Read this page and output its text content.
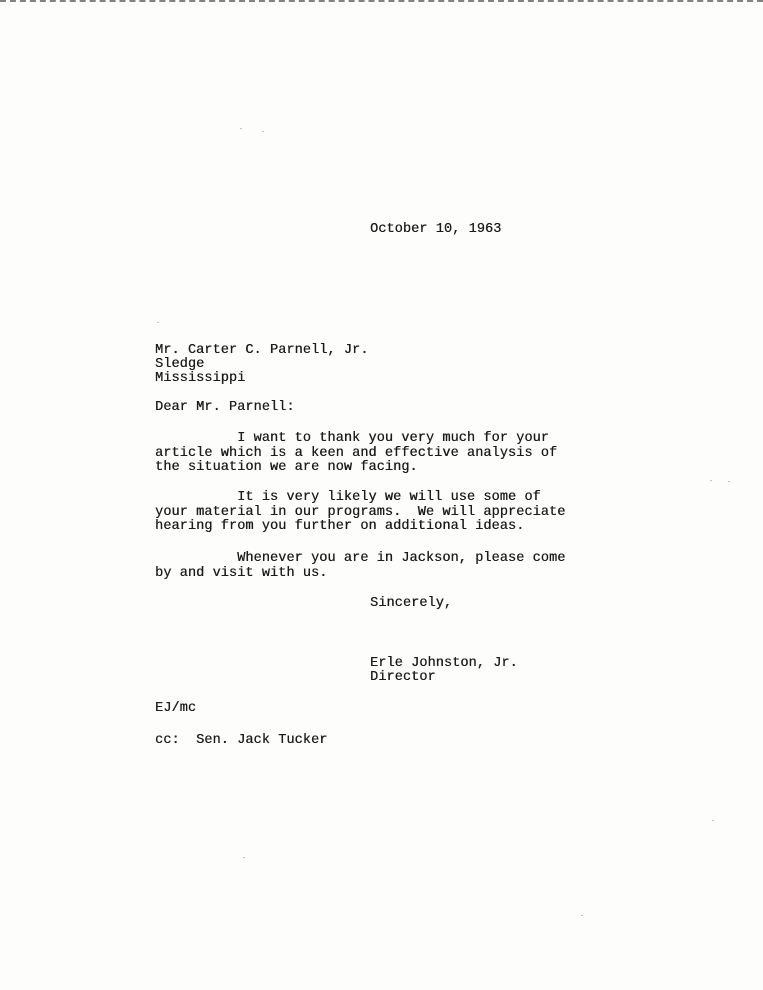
October 10, 1963
Mr. Carter C. Parnell, Jr.
Sledge
Mississippi
Dear Mr. Parnell:
I want to thank you very much for your
article which is a keen and effective analysis of
the situation we are now facing.
It is very likely we will use some of
your material in our programs.  We will appreciate
hearing from you further on additional ideas.
Whenever you are in Jackson, please come
by and visit with us.
Sincerely,
Erle Johnston, Jr.
Director
EJ/mc
cc:  Sen. Jack Tucker
